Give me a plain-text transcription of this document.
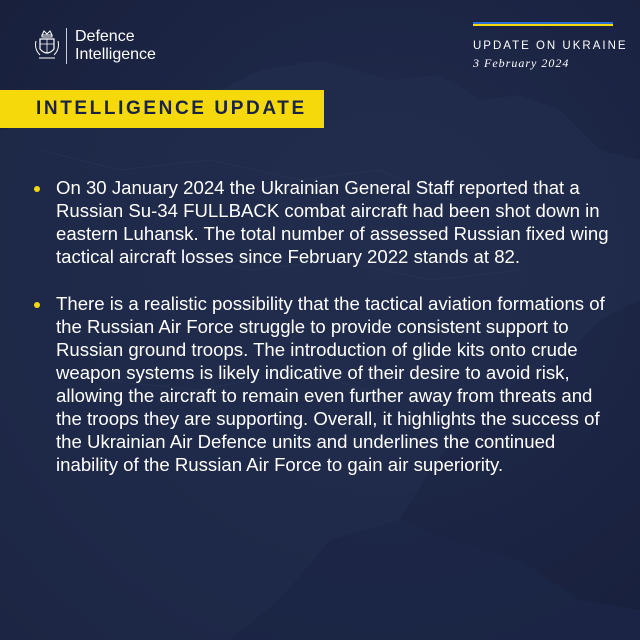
Defence
Intelligence	UPDATE ON UKRAINE
3 February 2024
INTELLIGENCE UPDATE
On 30 January 2024 the Ukrainian General Staff reported that a Russian Su-34 FULLBACK combat aircraft had been shot down in eastern Luhansk. The total number of assessed Russian fixed wing tactical aircraft losses since February 2022 stands at 82.
There is a realistic possibility that the tactical aviation formations of the Russian Air Force struggle to provide consistent support to Russian ground troops. The introduction of glide kits onto crude weapon systems is likely indicative of their desire to avoid risk, allowing the aircraft to remain even further away from threats and the troops they are supporting. Overall, it highlights the success of the Ukrainian Air Defence units and underlines the continued inability of the Russian Air Force to gain air superiority.
